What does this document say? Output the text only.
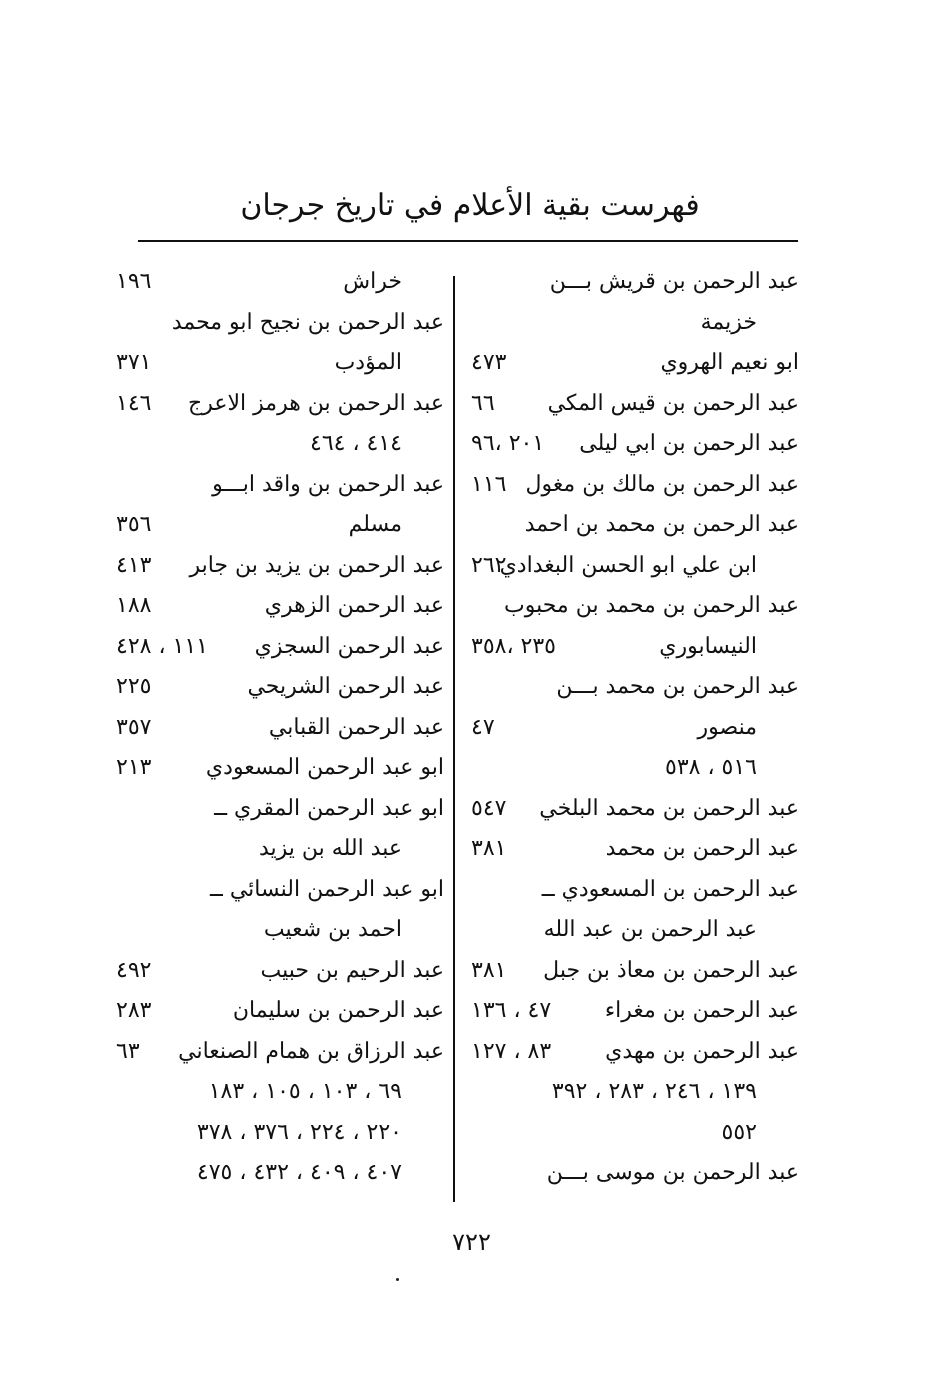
فهرست بقية الأعلام في تاريخ جرجان
عبد الرحمن بن قريش بـــن
خزيمة
ابو نعيم الهروي
٤٧٣
عبد الرحمن بن قيس المكي
٦٦
عبد الرحمن بن ابي ليلى
٢٠١ ،٩٦
عبد الرحمن بن مالك بن مغول
١١٦
عبد الرحمن بن محمد بن احمد
ابن علي ابو الحسن البغدادي
٢٦٢
عبد الرحمن بن محمد بن محبوب
النيسابوري
٢٣٥ ،٣٥٨
عبد الرحمن بن محمد بـــن
منصور
٤٧
٥١٦ ، ٥٣٨
عبد الرحمن بن محمد البلخي
٥٤٧
عبد الرحمن بن محمد
٣٨١
عبد الرحمن بن المسعودي ــ
عبد الرحمن بن عبد الله
عبد الرحمن بن معاذ بن جبل
٣٨١
عبد الرحمن بن مغراء
٤٧ ، ١٣٦
عبد الرحمن بن مهدي
٨٣ ، ١٢٧
١٣٩ ، ٢٤٦ ، ٢٨٣ ، ٣٩٢
٥٥٢
عبد الرحمن بن موسى بـــن
خراش
١٩٦
عبد الرحمن بن نجيح ابو محمد
المؤدب
٣٧١
عبد الرحمن بن هرمز الاعرج
١٤٦
٤١٤ ، ٤٦٤
عبد الرحمن بن واقد ابـــو
مسلم
٣٥٦
عبد الرحمن بن يزيد بن جابر
٤١٣
عبد الرحمن الزهري
١٨٨
عبد الرحمن السجزي
١١١ ، ٤٢٨
عبد الرحمن الشريحي
٢٢٥
عبد الرحمن القبابي
٣٥٧
ابو عبد الرحمن المسعودي
٢١٣
ابو عبد الرحمن المقري ــ
عبد الله بن يزيد
ابو عبد الرحمن النسائي ــ
احمد بن شعيب
عبد الرحيم بن حبيب
٤٩٢
عبد الرحمن بن سليمان
٢٨٣
عبد الرزاق بن همام الصنعاني
٦٣
٦٩ ، ١٠٣ ، ١٠٥ ، ١٨٣
٢٢٠ ، ٢٢٤ ، ٣٧٦ ، ٣٧٨
٤٠٧ ، ٤٠٩ ، ٤٣٢ ، ٤٧٥
٧٢٢
